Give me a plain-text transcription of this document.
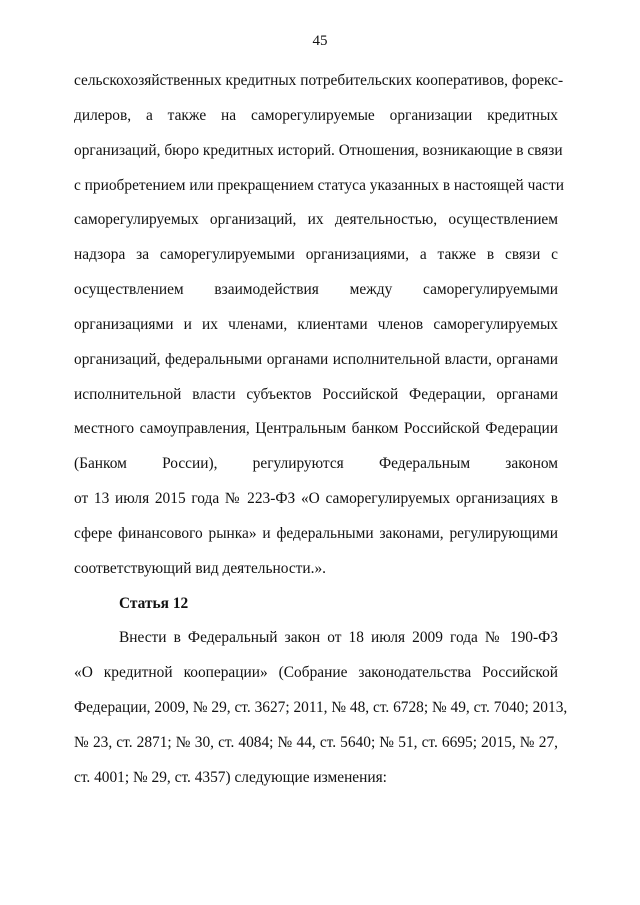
45
сельскохозяйственных кредитных потребительских кооперативов, форекс-
дилеров, а также на саморегулируемые организации кредитных
организаций, бюро кредитных историй. Отношения, возникающие в связи
с приобретением или прекращением статуса указанных в настоящей части
саморегулируемых организаций, их деятельностью, осуществлением
надзора за саморегулируемыми организациями, а также в связи с
осуществлением взаимодействия между саморегулируемыми
организациями и их членами, клиентами членов саморегулируемых
организаций, федеральными органами исполнительной власти, органами
исполнительной власти субъектов Российской Федерации, органами
местного самоуправления, Центральным банком Российской Федерации
(Банком России), регулируются Федеральным законом
от 13 июля 2015 года № 223-ФЗ «О саморегулируемых организациях в
сфере финансового рынка» и федеральными законами, регулирующими
соответствующий вид деятельности.».
Статья 12
Внести в Федеральный закон от 18 июля 2009 года № 190-ФЗ
«О кредитной кооперации» (Собрание законодательства Российской
Федерации, 2009, № 29, ст. 3627; 2011, № 48, ст. 6728; № 49, ст. 7040; 2013,
№ 23, ст. 2871; № 30, ст. 4084; № 44, ст. 5640; № 51, ст. 6695; 2015, № 27,
ст. 4001; № 29, ст. 4357) следующие изменения:
